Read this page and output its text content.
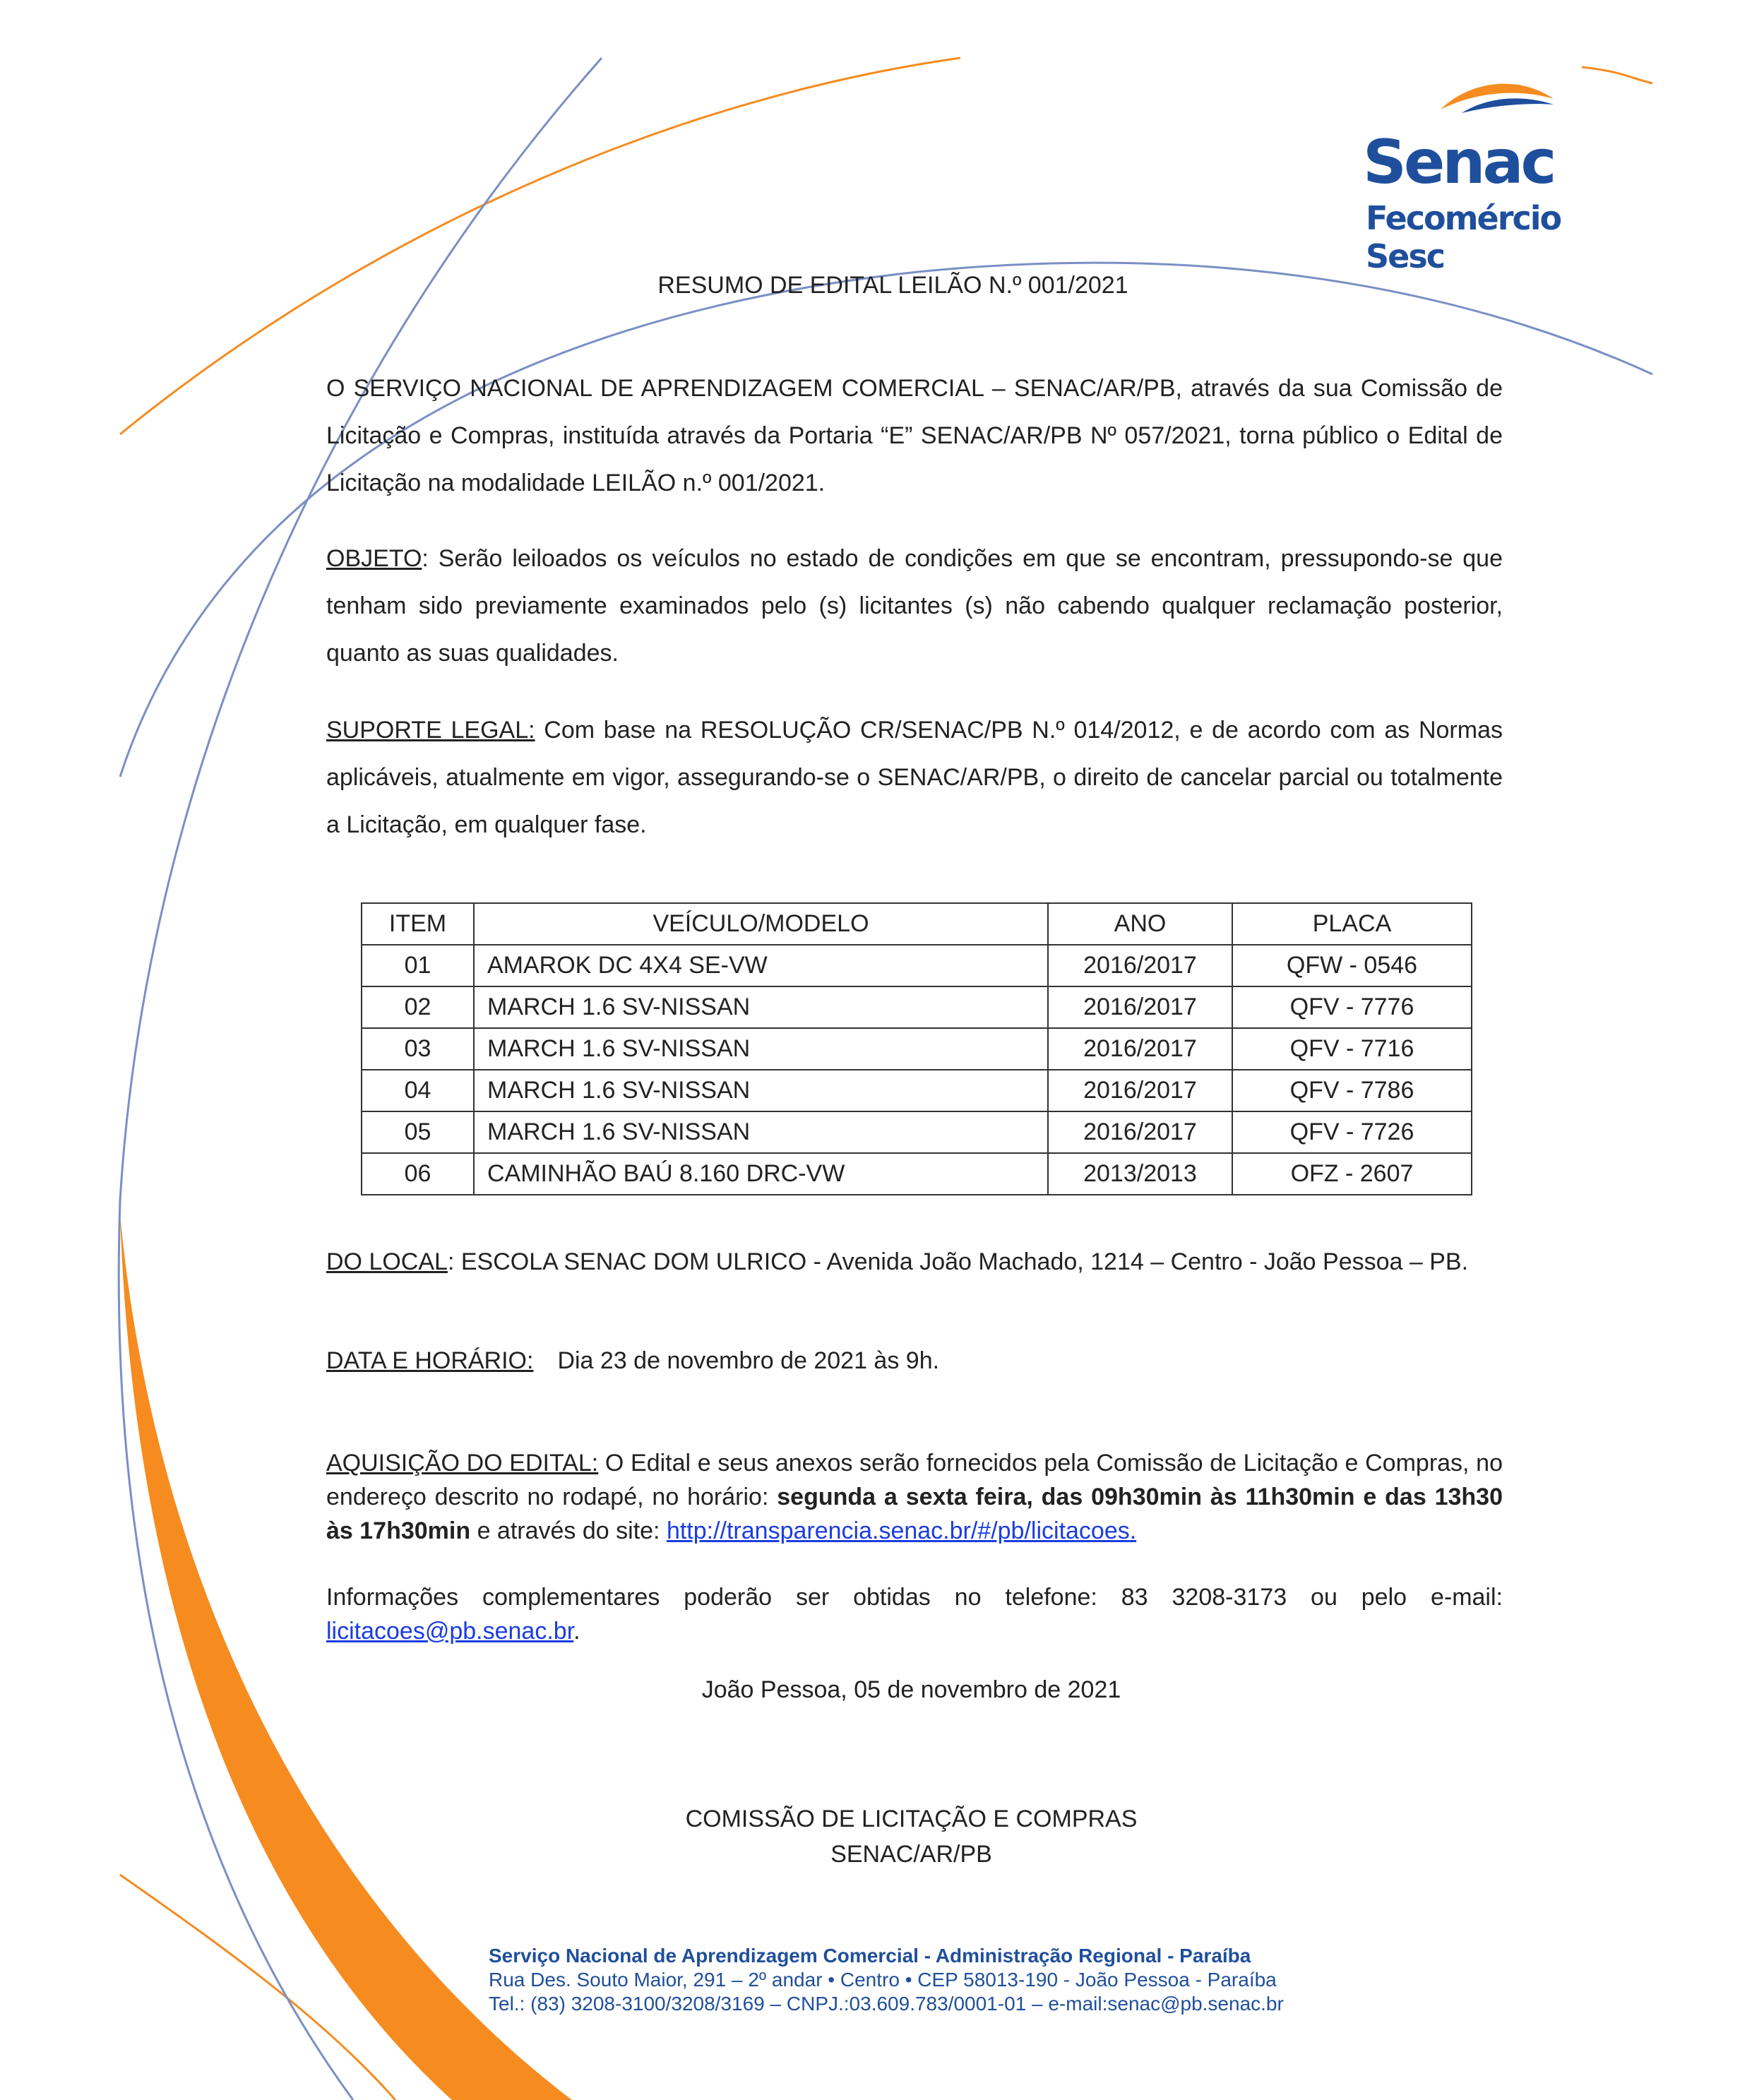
Senac
Fecomércio
Sesc
RESUMO DE EDITAL LEILÃO N.º 001/2021

O SERVIÇO NACIONAL DE APRENDIZAGEM COMERCIAL – SENAC/AR/PB, através da sua Comissão de Licitação e Compras, instituída através da Portaria “E” SENAC/AR/PB Nº 057/2021, torna público o Edital de Licitação na modalidade LEILÃO n.º 001/2021.

OBJETO: Serão leiloados os veículos no estado de condições em que se encontram, pressupondo-se que tenham sido previamente examinados pelo (s) licitantes (s) não cabendo qualquer reclamação posterior, quanto as suas qualidades.

SUPORTE LEGAL: Com base na RESOLUÇÃO CR/SENAC/PB N.º 014/2012, e de acordo com as Normas aplicáveis, atualmente em vigor, assegurando-se o SENAC/AR/PB, o direito de cancelar parcial ou totalmente a Licitação, em qualquer fase.

ITEM	VEÍCULO/MODELO	ANO	PLACA
01	AMAROK DC 4X4 SE-VW	2016/2017	QFW - 0546
02	MARCH 1.6 SV-NISSAN	2016/2017	QFV - 7776
03	MARCH 1.6 SV-NISSAN	2016/2017	QFV - 7716
04	MARCH 1.6 SV-NISSAN	2016/2017	QFV - 7786
05	MARCH 1.6 SV-NISSAN	2016/2017	QFV - 7726
06	CAMINHÃO BAÚ 8.160 DRC-VW	2013/2013	OFZ - 2607

DO LOCAL: ESCOLA SENAC DOM ULRICO - Avenida João Machado, 1214 – Centro - João Pessoa – PB.

DATA E HORÁRIO: Dia 23 de novembro de 2021 às 9h.

AQUISIÇÃO DO EDITAL: O Edital e seus anexos serão fornecidos pela Comissão de Licitação e Compras, no endereço descrito no rodapé, no horário: segunda a sexta feira, das 09h30min às 11h30min e das 13h30 às 17h30min e através do site: http://transparencia.senac.br/#/pb/licitacoes.

Informações complementares poderão ser obtidas no telefone: 83 3208-3173 ou pelo e-mail: licitacoes@pb.senac.br.

João Pessoa, 05 de novembro de 2021
COMISSÃO DE LICITAÇÃO E COMPRAS
SENAC/AR/PB
Serviço Nacional de Aprendizagem Comercial - Administração Regional - Paraíba
Rua Des. Souto Maior, 291 – 2º andar • Centro • CEP 58013-190 - João Pessoa - Paraíba
Tel.: (83) 3208-3100/3208/3169 – CNPJ.:03.609.783/0001-01 – e-mail:senac@pb.senac.br
